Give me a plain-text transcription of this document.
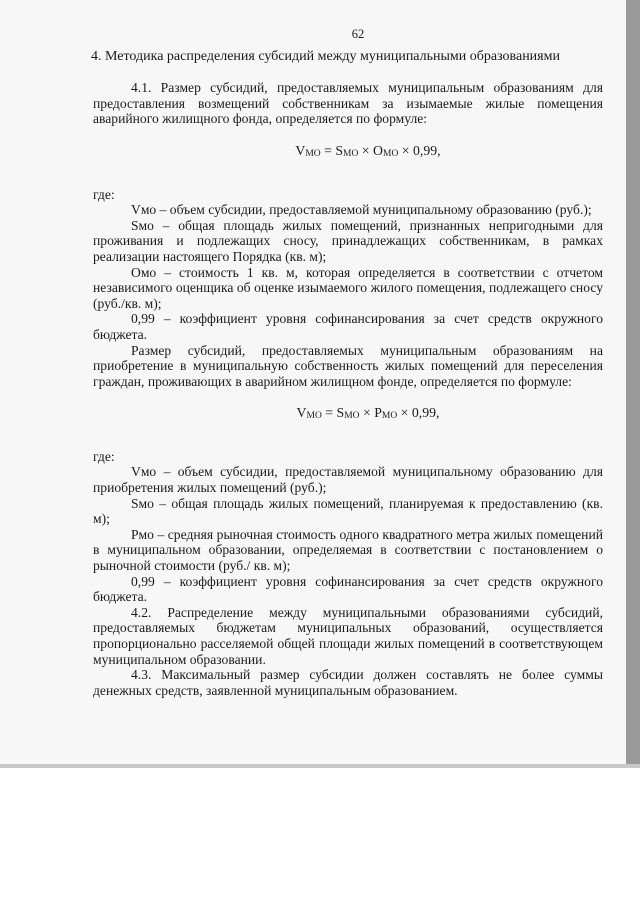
62
4. Методика распределения субсидий между муниципальными образованиями

4.1. Размер субсидий, предоставляемых муниципальным образованиям для предоставления возмещений собственникам за изымаемые жилые помещения аварийного жилищного фонда, определяется по формуле:

VМО = SМО × OМО × 0,99,

где:

Vмо – объем субсидии, предоставляемой муниципальному образованию (руб.);

Sмо – общая площадь жилых помещений, признанных непригодными для проживания и подлежащих сносу, принадлежащих собственникам, в рамках реализации настоящего Порядка (кв. м);

Омо – стоимость 1 кв. м, которая определяется в соответствии с отчетом независимого оценщика об оценке изымаемого жилого помещения, подлежащего сносу (руб./кв. м);

0,99 – коэффициент уровня софинансирования за счет средств окружного бюджета.

Размер субсидий, предоставляемых муниципальным образованиям на приобретение в муниципальную собственность жилых помещений для переселения граждан, проживающих в аварийном жилищном фонде, определяется по формуле:

VМО = SМО × PМО × 0,99,

где:

Vмо – объем субсидии, предоставляемой муниципальному образованию для приобретения жилых помещений (руб.);

Sмо – общая площадь жилых помещений, планируемая к предоставлению (кв. м);

Рмо – средняя рыночная стоимость одного квадратного метра жилых помещений в муниципальном образовании, определяемая в соответствии с постановлением о рыночной стоимости (руб./ кв. м);

0,99 – коэффициент уровня софинансирования за счет средств окружного бюджета.

4.2. Распределение между муниципальными образованиями субсидий, предоставляемых бюджетам муниципальных образований, осуществляется пропорционально расселяемой общей площади жилых помещений в соответствующем муниципальном образовании.

4.3. Максимальный размер субсидии должен составлять не более суммы денежных средств, заявленной муниципальным образованием.
